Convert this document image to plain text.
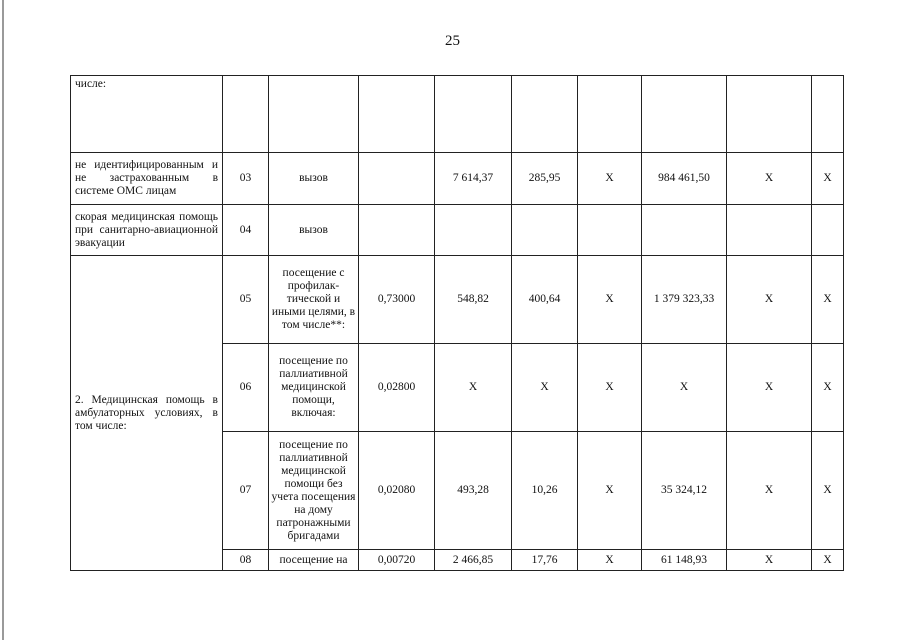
25
числе:									
не идентифицированным и не застрахованным в системе ОМС лицам	03	вызов		7 614,37	285,95	Х	984 461,50	Х	Х
скорая медицинская помощь при санитарно-авиационной эвакуации	04	вызов							
2. Медицинская помощь в амбулаторных условиях, в том числе:	05	посещение с профилак-тической и иными целями, в том числе**:	0,73000	548,82	400,64	Х	1 379 323,33	Х	Х
	06	посещение по паллиативной медицинской помощи, включая:	0,02800	Х	Х	Х	Х	Х	Х
	07	посещение по паллиативной медицинской помощи без учета посещения на дому патронажными бригадами	0,02080	493,28	10,26	Х	35 324,12	Х	Х
	08	посещение на	0,00720	2 466,85	17,76	Х	61 148,93	Х	Х
